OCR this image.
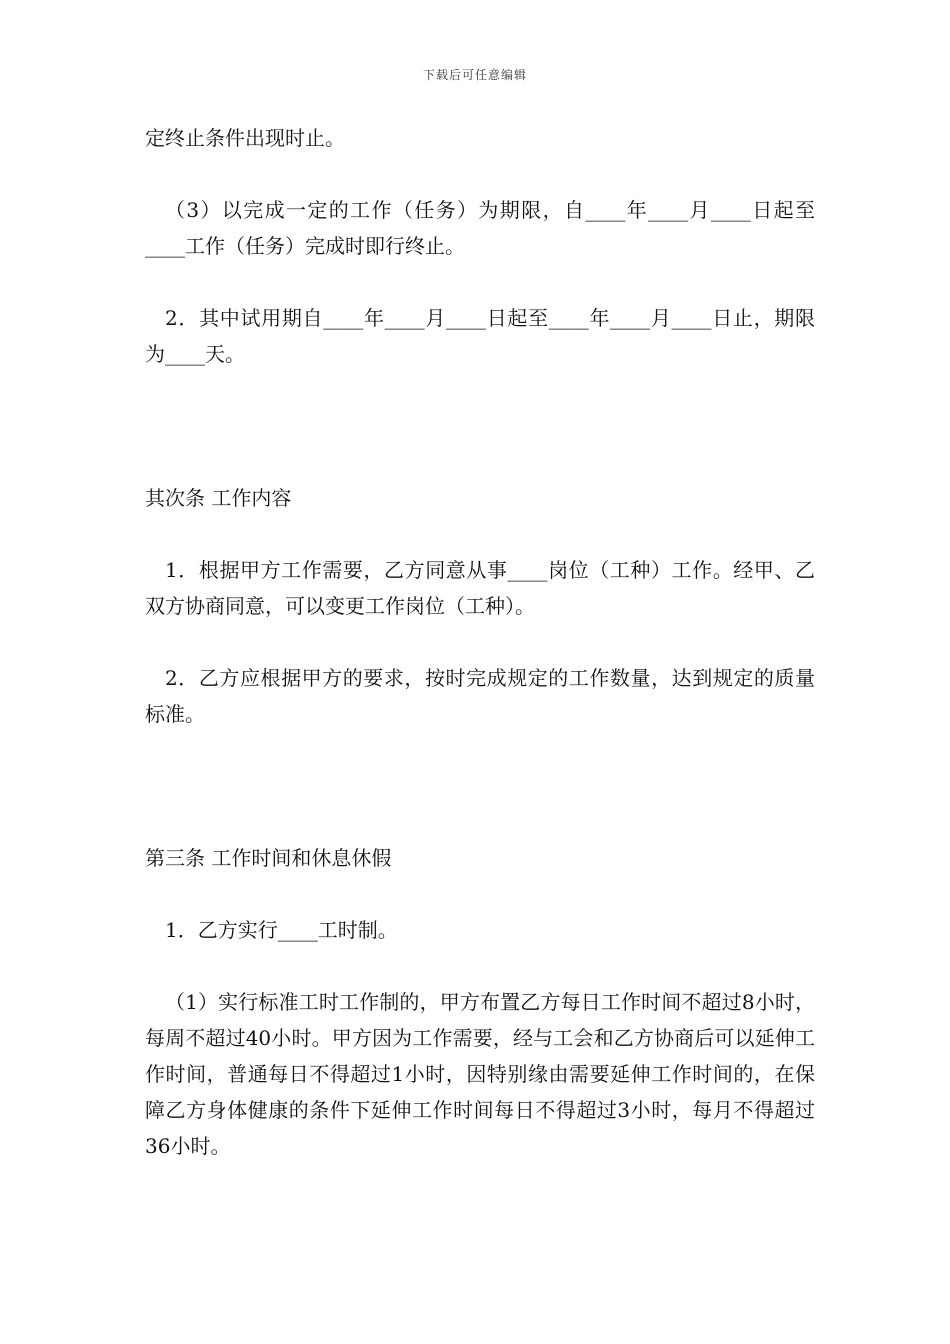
下载后可任意编辑

定终止条件出现时止。

（3）以完成一定的工作（任务）为期限，自____年____月____日起至____工作（任务）完成时即行终止。

2．其中试用期自____年____月____日起至____年____月____日止，期限为____天。

其次条 工作内容

1．根据甲方工作需要，乙方同意从事____岗位（工种）工作。经甲、乙双方协商同意，可以变更工作岗位（工种）。

2．乙方应根据甲方的要求，按时完成规定的工作数量，达到规定的质量标准。

第三条 工作时间和休息休假

1．乙方实行____工时制。

（1）实行标准工时工作制的，甲方布置乙方每日工作时间不超过8小时，每周不超过40小时。甲方因为工作需要，经与工会和乙方协商后可以延伸工作时间，普通每日不得超过1小时，因特别缘由需要延伸工作时间的，在保障乙方身体健康的条件下延伸工作时间每日不得超过3小时，每月不得超过36小时。
